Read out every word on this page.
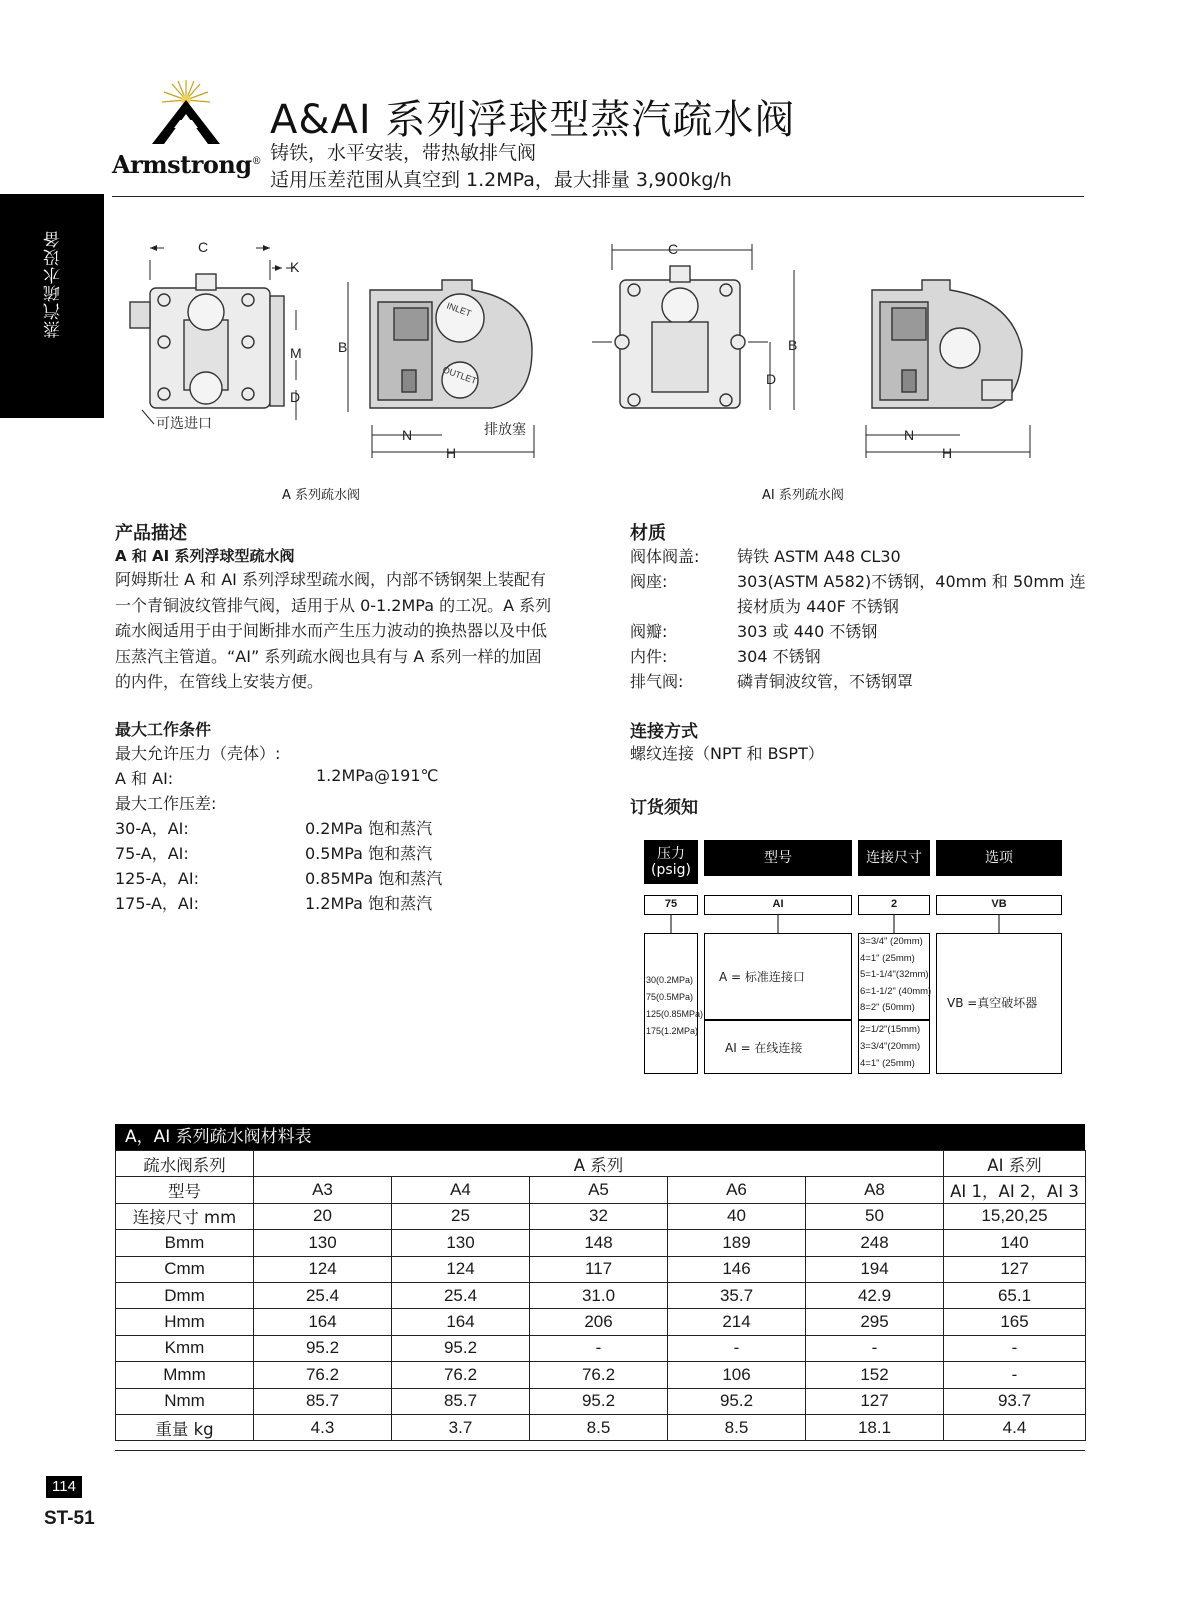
Armstrong®
A&AI 系列浮球型蒸汽疏水阀
铸铁，水平安装，带热敏排气阀
适用压差范围从真空到 1.2MPa，最大排量 3,900kg/h
蒸汽疏水设备	C
K
M
D
可选进口
INLET
OUTLET
B
N
H
排放塞
C
B
D
N
H
A 系列疏水阀	AI 系列疏水阀
产品描述
A 和 AI 系列浮球型疏水阀
阿姆斯壮 A 和 AI 系列浮球型疏水阀，内部不锈钢架上装配有
一个青铜波纹管排气阀，适用于从 0-1.2MPa 的工况。A 系列
疏水阀适用于由于间断排水而产生压力波动的换热器以及中低
压蒸汽主管道。“AI” 系列疏水阀也具有与 A 系列一样的加固
的内件，在管线上安装方便。
最大工作条件
最大允许压力（壳体）:
A 和 AI:	1.2MPa@191℃
最大工作压差:
30-A，AI:	0.2MPa 饱和蒸汽
75-A，AI:	0.5MPa 饱和蒸汽
125-A，AI:	0.85MPa 饱和蒸汽
175-A，AI:	1.2MPa 饱和蒸汽
材质
阀体阀盖: 铸铁 ASTM A48 CL30
阀座:	303(ASTM A582)不锈钢，40mm 和 50mm 连
接材质为 440F 不锈钢
阀瓣:	303 或 440 不锈钢
内件:	304 不锈钢
排气阀:	磷青铜波纹管，不锈钢罩
连接方式
螺纹连接（NPT 和 BSPT）
订货须知
压力
(psig)
型号	连接尺寸	选项
75	AI	2	VB
30(0.2MPa)
75(0.5MPa)
125(0.85MPa)
175(1.2MPa)
A = 标准连接口
AI = 在线连接
3=3/4" (20mm)
4=1" (25mm)
5=1-1/4"(32mm)
6=1-1/2" (40mm)
8=2" (50mm)
2=1/2"(15mm)
3=3/4"(20mm)
4=1" (25mm)
VB =真空破坏器
A，AI 系列疏水阀材料表
疏水阀系列	A 系列					AI 系列
型号	A3	A4	A5	A6	A8	AI 1，AI 2，AI 3
连接尺寸 mm	20	25	32	40	50	15,20,25
Bmm	130	130	148	189	248	140
Cmm	124	124	117	146	194	127
Dmm	25.4	25.4	31.0	35.7	42.9	65.1
Hmm	164	164	206	214	295	165
Kmm	95.2	95.2	-	-	-	-
Mmm	76.2	76.2	76.2	106	152	-
Nmm	85.7	85.7	95.2	95.2	127	93.7
重量 kg	4.3	3.7	8.5	8.5	18.1	4.4
114
ST-51
